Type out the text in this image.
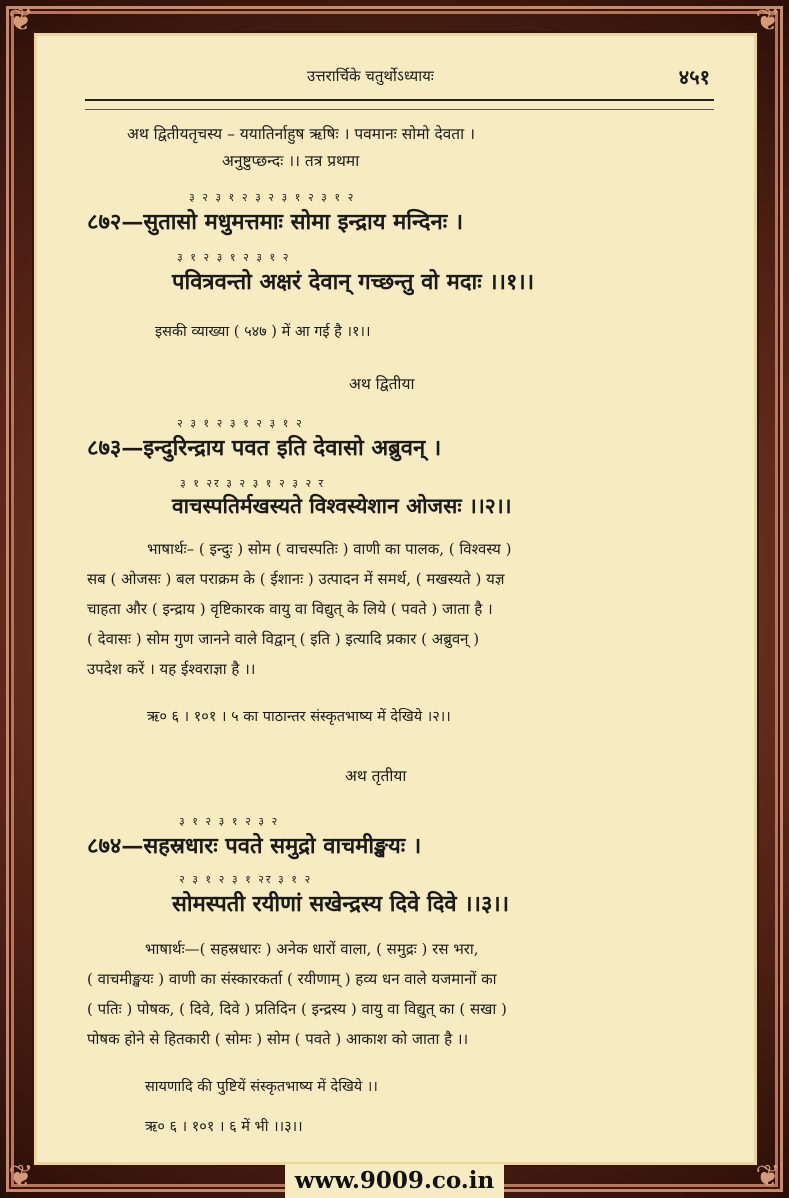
❦	❦
❦	❦
उत्तरार्चिके चतुर्थोऽध्यायः	४५१
अथ द्वितीयतृचस्य – ययातिर्नाहुष ऋषिः । पवमानः सोमो देवता ।
अनुष्टुप्छन्दः ।। तत्र प्रथमा
३ २ ३ १ २ ३ २ ३ १ २ ३ १ २
८७२—सुतासो मधुमत्तमाः सोमा इन्द्राय मन्दिनः ।
३ १ २ ३ १ २ ३ १ २
पवित्रवन्तो अक्षरं देवान् गच्छन्तु वो मदाः ।।१।।
इसकी व्याख्या ( ५४७ ) में आ गई है ।१।।
अथ द्वितीया
२ ३ १ २ ३ १ २ ३ १ २
८७३—इन्दुरिन्द्राय पवत इति देवासो अब्रुवन् ।
३ १ २र ३ २ ३ १ २ ३ २ र
वाचस्पतिर्मखस्यते विश्वस्येशान ओजसः ।।२।।
भाषार्थः– ( इन्दुः ) सोम ( वाचस्पतिः ) वाणी का पालक, ( विश्वस्य )
सब ( ओजसः ) बल पराक्रम के ( ईशानः ) उत्पादन में समर्थ, ( मखस्यते ) यज्ञ
चाहता और ( इन्द्राय ) वृष्टिकारक वायु वा विद्युत् के लिये ( पवते ) जाता है ।
( देवासः ) सोम गुण जानने वाले विद्वान् ( इति ) इत्यादि प्रकार ( अब्रुवन् )
उपदेश करें । यह ईश्वराज्ञा है ।।
ऋ० ६ । १०१ । ५ का पाठान्तर संस्कृतभाष्य में देखिये ।२।।
अथ तृतीया
३ १ २ ३ १ २ ३ २
८७४—सहस्रधारः पवते समुद्रो वाचमीङ्खयः ।
२ ३ १ २ ३ १ २र ३ १ २
सोमस्पती रयीणां सखेन्द्रस्य दिवे दिवे ।।३।।
भाषार्थः—( सहस्रधारः ) अनेक धारों वाला, ( समुद्रः ) रस भरा,
( वाचमीङ्खयः ) वाणी का संस्कारकर्ता ( रयीणाम् ) हव्य धन वाले यजमानों का
( पतिः ) पोषक, ( दिवे, दिवे ) प्रतिदिन ( इन्द्रस्य ) वायु वा विद्युत् का ( सखा )
पोषक होने से हितकारी ( सोमः ) सोम ( पवते ) आकाश को जाता है ।।
सायणादि की पुष्टियें संस्कृतभाष्य में देखिये ।।
ऋ० ६ । १०१ । ६ में भी ।।३।।
www.9009.co.in
